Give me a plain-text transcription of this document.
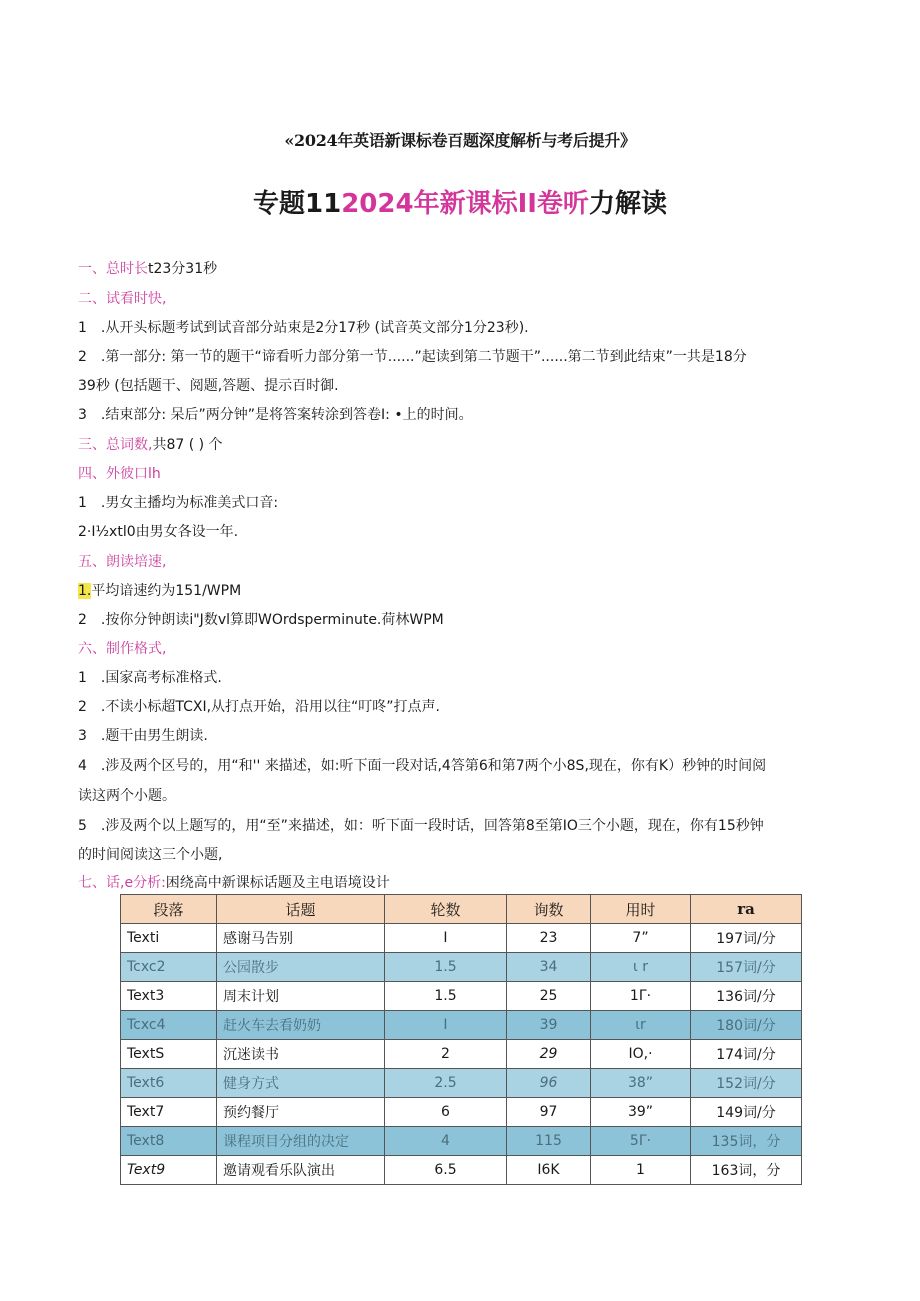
«2024年英语新课标卷百题深度解析与考后提升》
专题112024年新课标II卷听力解读
一、总时长t23分31秒
二、试看时快,
1　.从开头标题考试到试音部分站束是2分17秒 (试音英文部分1分23秒).
2　.第一部分: 第一节的题干“谛看听力部分第一节......”起读到第二节题干”......第二节到此结束”一共是18分
39秒 (包括题干、阅题,答题、提示百时御.
3　.结束部分: 呆后”两分钟”是将答案转涂到答卷I: •上的时间。
三、总词数,共87 ( ) 个
四、外彼口lh
1　.男女主播均为标准美式口音:
2·I½xtl0由男女各设一年.
五、朗读培速,
1.平均谙速约为151/WPM
2　.按你分钟朗读i"J数vl算即WOrdsperminute.荷林WPM
六、制作格式,
1　.国家高考标准格式.
2　.不读小标超TCXI,从打点开始，沿用以往“叮咚”打点声.
3　.题干由男生朗读.
4　.涉及两个区号的，用“和'' 来描述，如:听下面一段对话,4答第6和第7两个小8S,现在，你有K）秒钟的时间阅
读这两个小题。
5　.涉及两个以上题写的，用“至”来描述，如：听下面一段时话，回答第8至第IO三个小题，现在，你有15秒钟
的时间阅读这三个小题,
七、话,e分析:困绕高中新课标话题及主电语境设计
段落	话题	轮数	询数	用时	ra
Texti	感谢马告别	I	23	7”	197词/分
Tcxc2	公园散步	1.5	34	ι r	157词/分
Text3	周末计划	1.5	25	1Γ·	136词/分
Tcxc4	赶火车去看奶奶	I	39	ιr	180词/分
TextS	沉迷读书	2	29	IO,·	174词/分
Text6	健身方式	2.5	96	38”	152词/分
Text7	预约餐厅	6	97	39”	149词/分
Text8	课程项目分组的决定	4	115	5Γ·	135词，分
Text9	邀请观看乐队演出	6.5	I6K	1	163词，分
